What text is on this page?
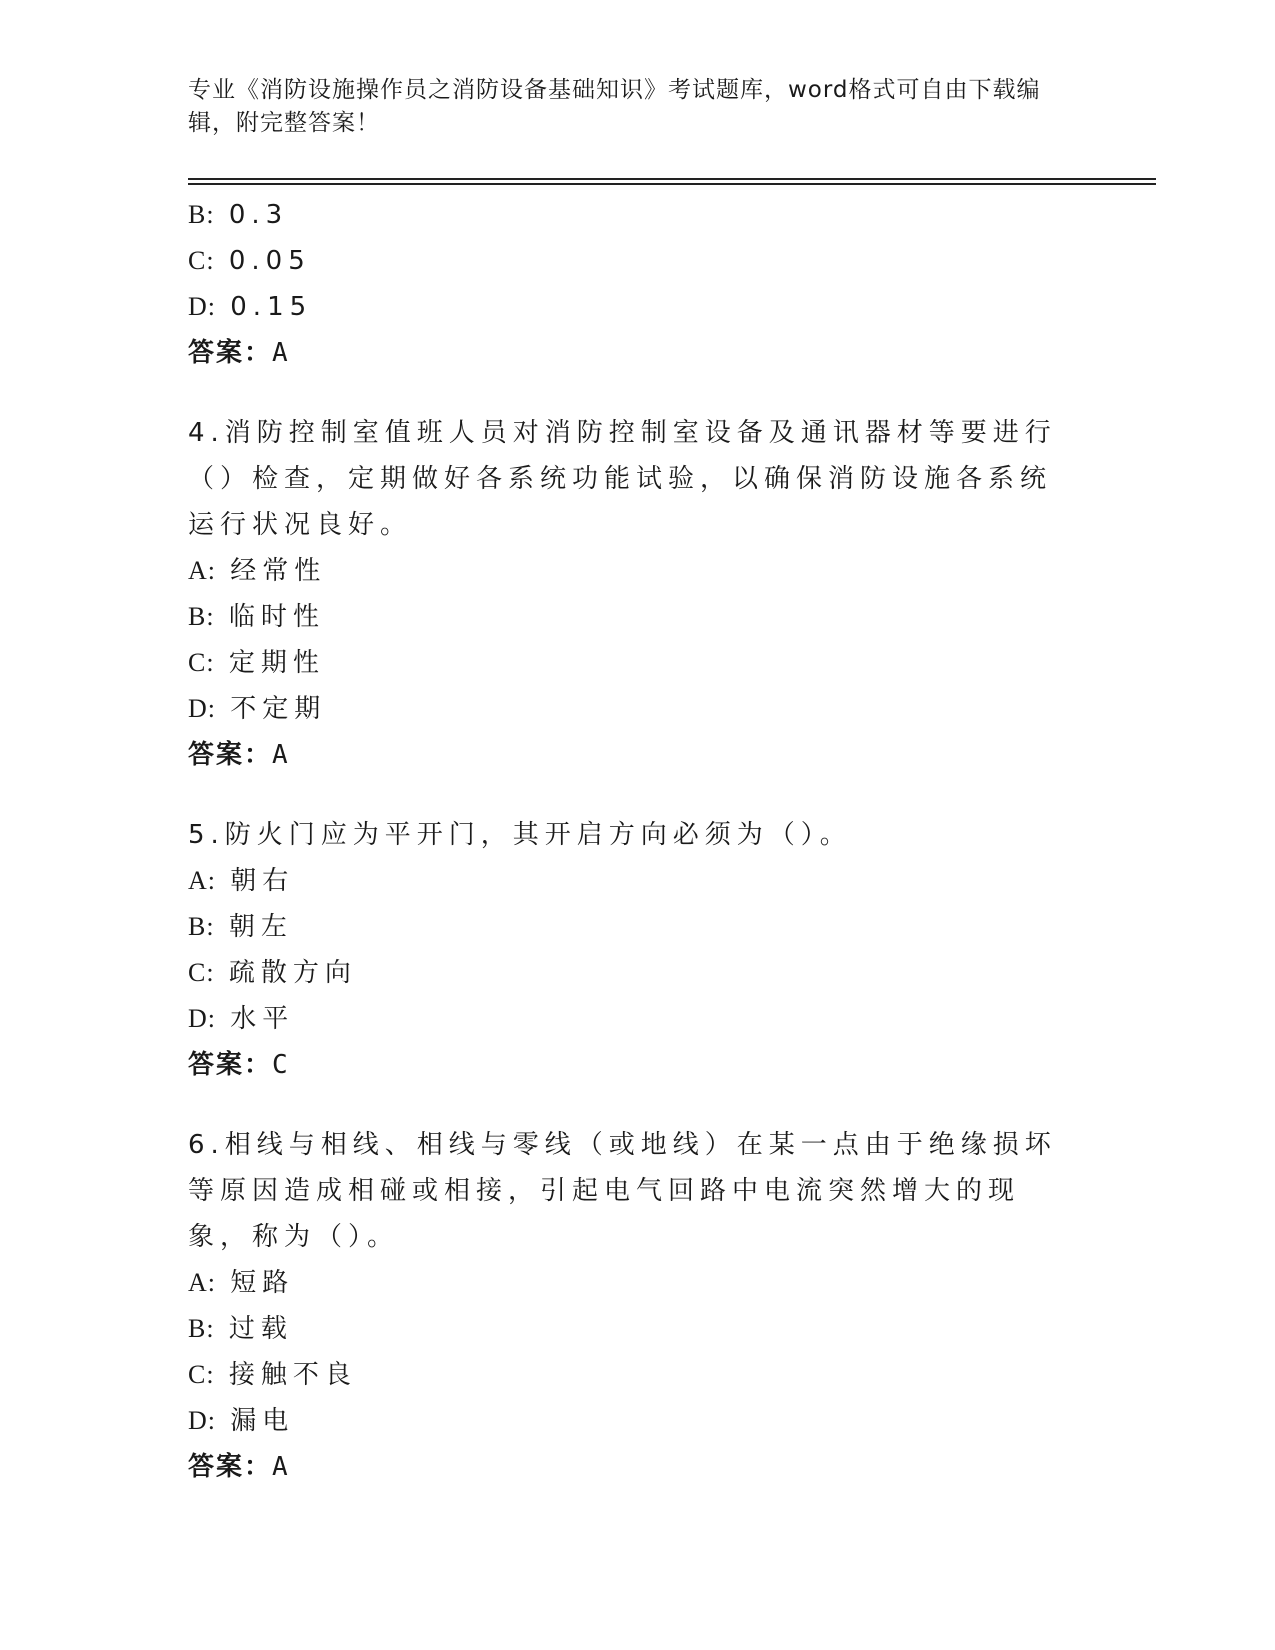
专业《消防设施操作员之消防设备基础知识》考试题库，word格式可自由下载编辑，附完整答案！
B: 0.3
C: 0.05
D: 0.15
答案：A
4.消防控制室值班人员对消防控制室设备及通讯器材等要进行（）检查，定期做好各系统功能试验，以确保消防设施各系统运行状况良好。
A: 经常性
B: 临时性
C: 定期性
D: 不定期
答案：A
5.防火门应为平开门，其开启方向必须为（）。
A: 朝右
B: 朝左
C: 疏散方向
D: 水平
答案：C
6.相线与相线、相线与零线（或地线）在某一点由于绝缘损坏等原因造成相碰或相接，引起电气回路中电流突然增大的现象，称为（）。
A: 短路
B: 过载
C: 接触不良
D: 漏电
答案：A
